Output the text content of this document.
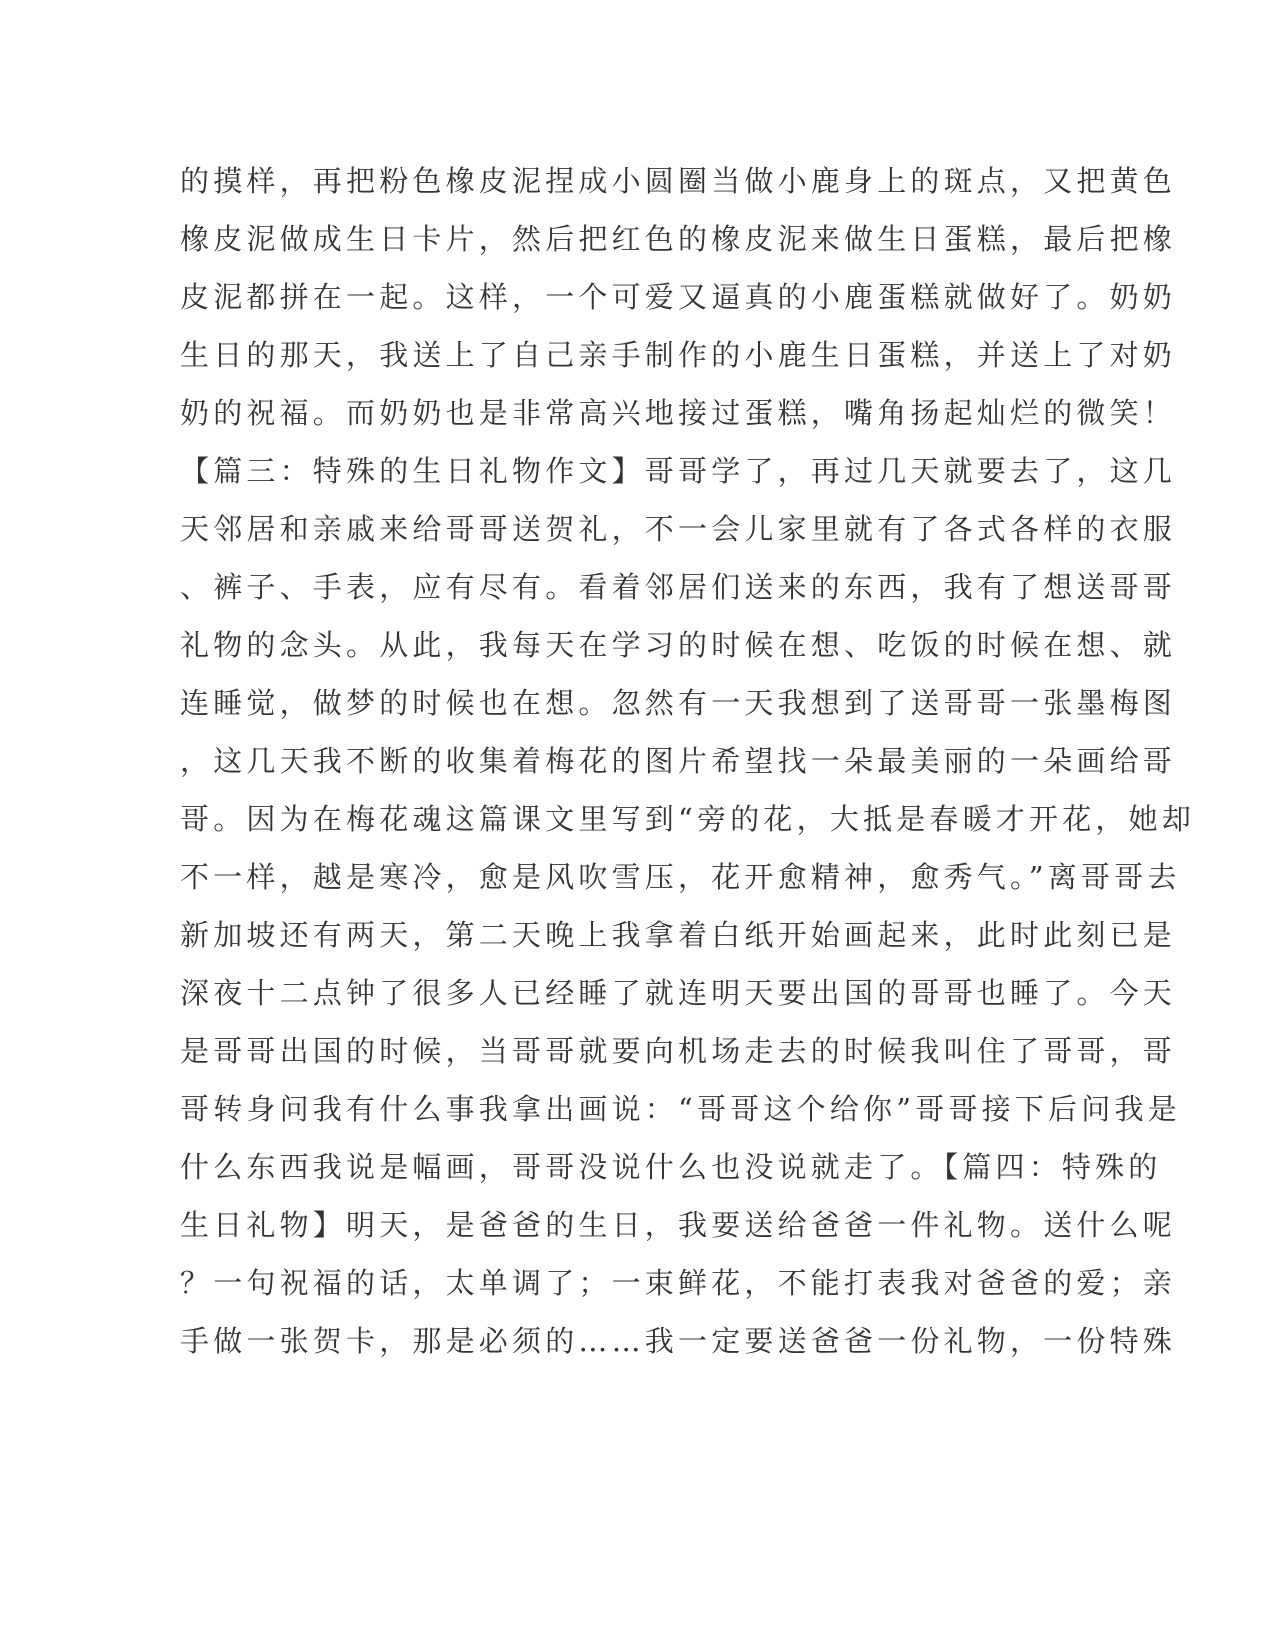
的摸样，再把粉色橡皮泥捏成小圆圈当做小鹿身上的斑点，又把黄色
橡皮泥做成生日卡片，然后把红色的橡皮泥来做生日蛋糕，最后把橡
皮泥都拼在一起。这样，一个可爱又逼真的小鹿蛋糕就做好了。奶奶
生日的那天，我送上了自己亲手制作的小鹿生日蛋糕，并送上了对奶
奶的祝福。而奶奶也是非常高兴地接过蛋糕，嘴角扬起灿烂的微笑！
【篇三：特殊的生日礼物作文】哥哥学了，再过几天就要去了，这几
天邻居和亲戚来给哥哥送贺礼，不一会儿家里就有了各式各样的衣服
、裤子、手表，应有尽有。看着邻居们送来的东西，我有了想送哥哥
礼物的念头。从此，我每天在学习的时候在想、吃饭的时候在想、就
连睡觉，做梦的时候也在想。忽然有一天我想到了送哥哥一张墨梅图
，这几天我不断的收集着梅花的图片希望找一朵最美丽的一朵画给哥
哥。因为在梅花魂这篇课文里写到“旁的花，大抵是春暖才开花，她却
不一样，越是寒冷，愈是风吹雪压，花开愈精神，愈秀气。”离哥哥去
新加坡还有两天，第二天晚上我拿着白纸开始画起来，此时此刻已是
深夜十二点钟了很多人已经睡了就连明天要出国的哥哥也睡了。今天
是哥哥出国的时候，当哥哥就要向机场走去的时候我叫住了哥哥，哥
哥转身问我有什么事我拿出画说：“哥哥这个给你”哥哥接下后问我是
什么东西我说是幅画，哥哥没说什么也没说就走了。【篇四：特殊的
生日礼物】明天，是爸爸的生日，我要送给爸爸一件礼物。送什么呢
？一句祝福的话，太单调了；一束鲜花，不能打表我对爸爸的爱；亲
手做一张贺卡，那是必须的……我一定要送爸爸一份礼物，一份特殊
